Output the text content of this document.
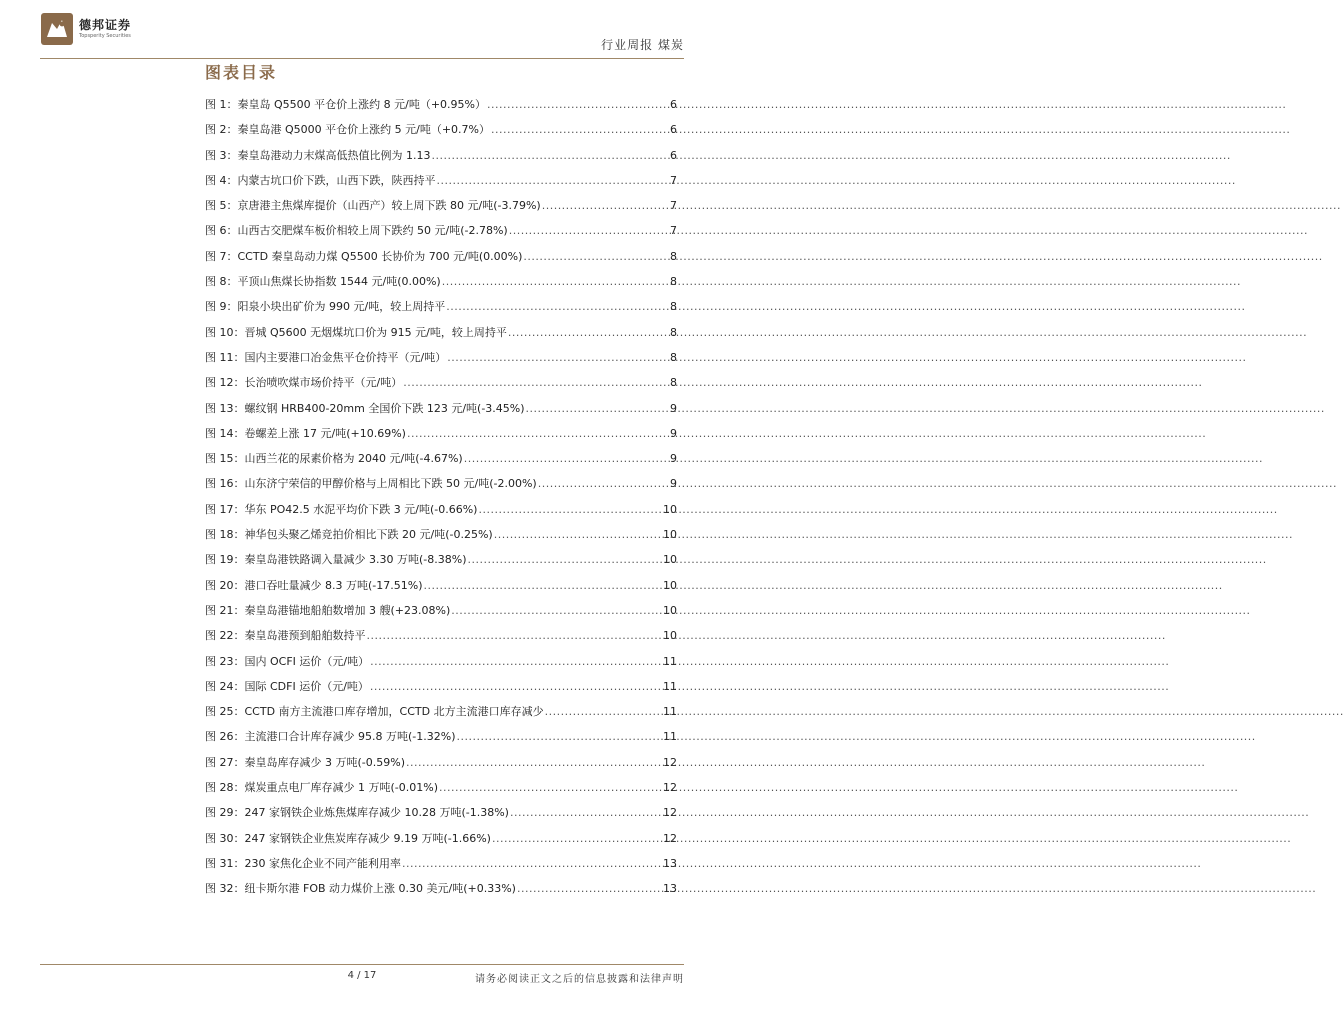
德邦证券
Topsperity Securities
行业周报 煤炭
图表目录
图 1： 秦皇岛 Q5500 平仓价上涨约 8 元/吨（+0.95%） .....	6
图 2： 秦皇岛港 Q5000 平仓价上涨约 5 元/吨（+0.7%） .....	6
图 3： 秦皇岛港动力末煤高低热值比例为 1.13 .....	6
图 4： 内蒙古坑口价下跌，山西下跌，陕西持平 .....	7
图 5： 京唐港主焦煤库提价（山西产）较上周下跌 80 元/吨(-3.79%) .....	7
图 6： 山西古交肥煤车板价相较上周下跌约 50 元/吨(-2.78%) .....	7
图 7： CCTD 秦皇岛动力煤 Q5500 长协价为 700 元/吨(0.00%) .....	8
图 8： 平顶山焦煤长协指数 1544 元/吨(0.00%) .....	8
图 9： 阳泉小块出矿价为 990 元/吨，较上周持平 .....	8
图 10： 晋城 Q5600 无烟煤坑口价为 915 元/吨，较上周持平 .....	8
图 11： 国内主要港口冶金焦平仓价持平（元/吨） .....	8
图 12： 长治喷吹煤市场价持平（元/吨） .....	8
图 13： 螺纹钢 HRB400-20mm 全国价下跌 123 元/吨(-3.45%) .....	9
图 14： 卷螺差上涨 17 元/吨(+10.69%) .....	9
图 15： 山西兰花的尿素价格为 2040 元/吨(-4.67%) .....	9
图 16： 山东济宁荣信的甲醇价格与上周相比下跌 50 元/吨(-2.00%) .....	9
图 17： 华东 PO42.5 水泥平均价下跌 3 元/吨(-0.66%) .....	10
图 18： 神华包头聚乙烯竞拍价相比下跌 20 元/吨(-0.25%) .....	10
图 19： 秦皇岛港铁路调入量减少 3.30 万吨(-8.38%) .....	10
图 20： 港口吞吐量减少 8.3 万吨(-17.51%) .....	10
图 21： 秦皇岛港锚地船舶数增加 3 艘(+23.08%) .....	10
图 22： 秦皇岛港预到船舶数持平 .....	10
图 23： 国内 OCFI 运价（元/吨） .....	11
图 24： 国际 CDFI 运价（元/吨） .....	11
图 25： CCTD 南方主流港口库存增加，CCTD 北方主流港口库存减少 .....	11
图 26： 主流港口合计库存减少 95.8 万吨(-1.32%) .....	11
图 27： 秦皇岛库存减少 3 万吨(-0.59%) .....	12
图 28： 煤炭重点电厂库存减少 1 万吨(-0.01%) .....	12
图 29： 247 家钢铁企业炼焦煤库存减少 10.28 万吨(-1.38%) .....	12
图 30： 247 家钢铁企业焦炭库存减少 9.19 万吨(-1.66%) .....	12
图 31： 230 家焦化企业不同产能利用率 .....	13
图 32： 纽卡斯尔港 FOB 动力煤价上涨 0.30 美元/吨(+0.33%) .....	13
4 / 17	请务必阅读正文之后的信息披露和法律声明
